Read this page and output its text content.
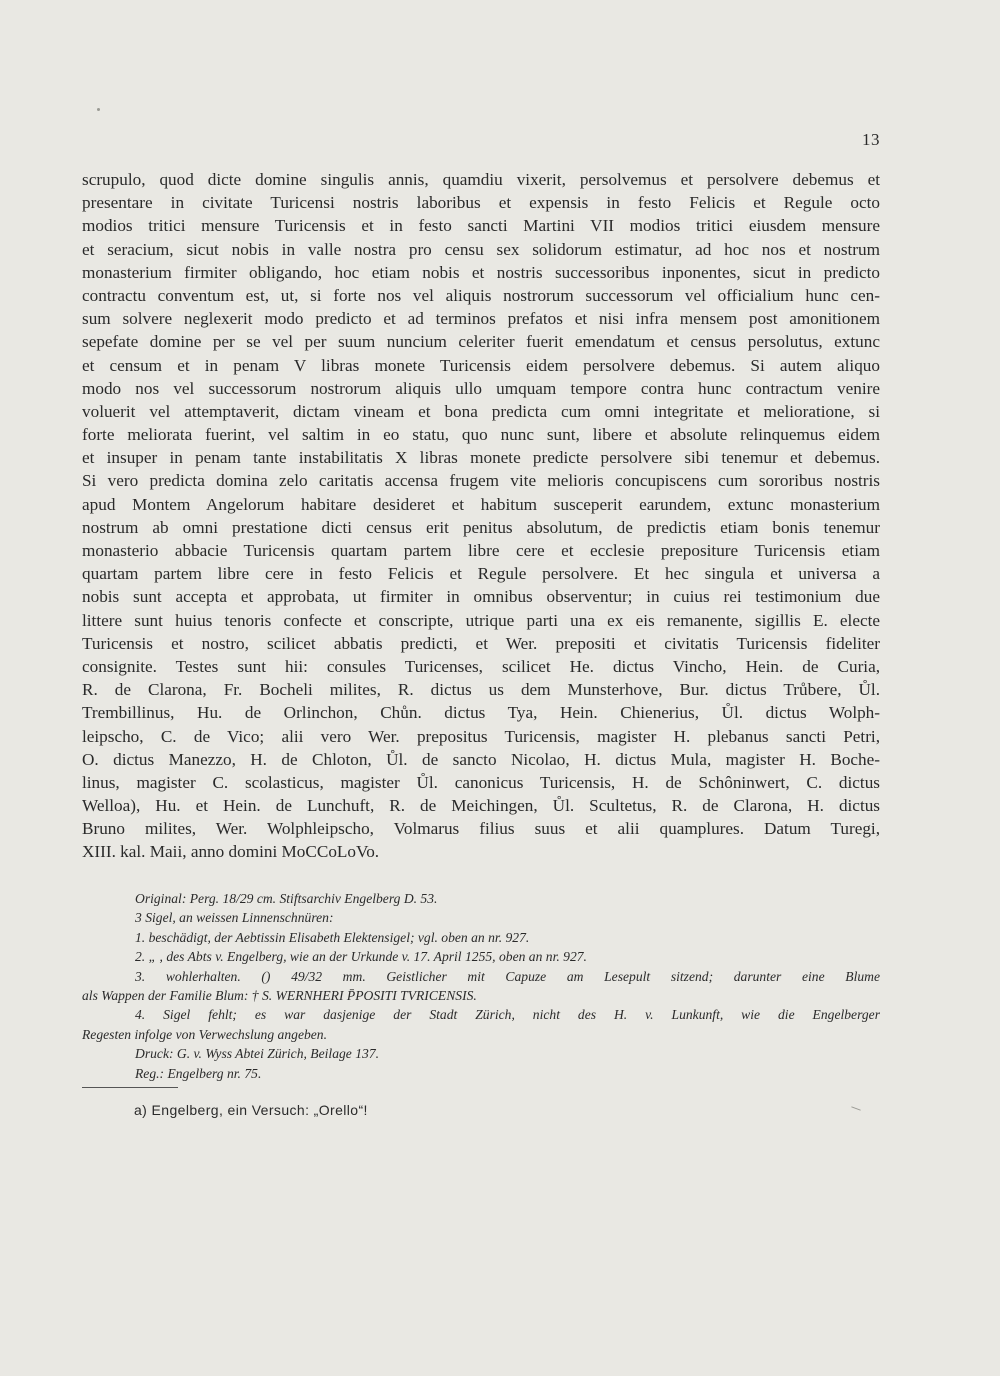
13
scrupulo, quod dicte domine singulis annis, quamdiu vixerit, persolvemus et persolvere debemus et
presentare in civitate Turicensi nostris laboribus et expensis in festo Felicis et Regule octo
modios tritici mensure Turicensis et in festo sancti Martini VII modios tritici eiusdem mensure
et seracium, sicut nobis in valle nostra pro censu sex solidorum estimatur, ad hoc nos et nostrum
monasterium firmiter obligando, hoc etiam nobis et nostris successoribus inponentes, sicut in predicto
contractu conventum est, ut, si forte nos vel aliquis nostrorum successorum vel officialium hunc cen-
sum solvere neglexerit modo predicto et ad terminos prefatos et nisi infra mensem post amonitionem
sepefate domine per se vel per suum nuncium celeriter fuerit emendatum et census persolutus, extunc
et censum et in penam V libras monete Turicensis eidem persolvere debemus. Si autem aliquo
modo nos vel successorum nostrorum aliquis ullo umquam tempore contra hunc contractum venire
voluerit vel attemptaverit, dictam vineam et bona predicta cum omni integritate et melioratione, si
forte meliorata fuerint, vel saltim in eo statu, quo nunc sunt, libere et absolute relinquemus eidem
et insuper in penam tante instabilitatis X libras monete predicte persolvere sibi tenemur et debemus.
Si vero predicta domina zelo caritatis accensa frugem vite melioris concupiscens cum sororibus nostris
apud Montem Angelorum habitare desideret et habitum susceperit earundem, extunc monasterium
nostrum ab omni prestatione dicti census erit penitus absolutum, de predictis etiam bonis tenemur
monasterio abbacie Turicensis quartam partem libre cere et ecclesie prepositure Turicensis etiam
quartam partem libre cere in festo Felicis et Regule persolvere. Et hec singula et universa a
nobis sunt accepta et approbata, ut firmiter in omnibus observentur; in cuius rei testimonium due
littere sunt huius tenoris confecte et conscripte, utrique parti una ex eis remanente, sigillis E. electe
Turicensis et nostro, scilicet abbatis predicti, et Wer. prepositi et civitatis Turicensis fideliter
consignite. Testes sunt hii: consules Turicenses, scilicet He. dictus Vincho, Hein. de Curia,
R. de Clarona, Fr. Bocheli milites, R. dictus us dem Munsterhove, Bur. dictus Trůbere, Ůl.
Trembillinus, Hu. de Orlinchon, Chůn. dictus Tya, Hein. Chienerius, Ůl. dictus Wolph-
leipscho, C. de Vico; alii vero Wer. prepositus Turicensis, magister H. plebanus sancti Petri,
O. dictus Manezzo, H. de Chloton, Ůl. de sancto Nicolao, H. dictus Mula, magister H. Boche-
linus, magister C. scolasticus, magister Ůl. canonicus Turicensis, H. de Schôninwert, C. dictus
Welloa), Hu. et Hein. de Lunchuft, R. de Meichingen, Ůl. Scultetus, R. de Clarona, H. dictus
Bruno milites, Wer. Wolphleipscho, Volmarus filius suus et alii quamplures. Datum Turegi,
XIII. kal. Maii, anno domini MoCCoLoVo.
Original: Perg. 18/29 cm. Stiftsarchiv Engelberg D. 53.
3 Sigel, an weissen Linnenschnüren:
1. beschädigt, der Aebtissin Elisabeth Elektensigel; vgl. oben an nr. 927.
2. „ , des Abts v. Engelberg, wie an der Urkunde v. 17. April 1255, oben an nr. 927.
3. wohlerhalten. () 49/32 mm. Geistlicher mit Capuze am Lesepult sitzend; darunter eine Blume
als Wappen der Familie Blum: † S. WERNHERI P̄POSITI TVRICENSIS.
4. Sigel fehlt; es war dasjenige der Stadt Zürich, nicht des H. v. Lunkunft, wie die Engelberger
Regesten infolge von Verwechslung angeben.
Druck: G. v. Wyss Abtei Zürich, Beilage 137.
Reg.: Engelberg nr. 75.
a) Engelberg, ein Versuch: „Orello“!
